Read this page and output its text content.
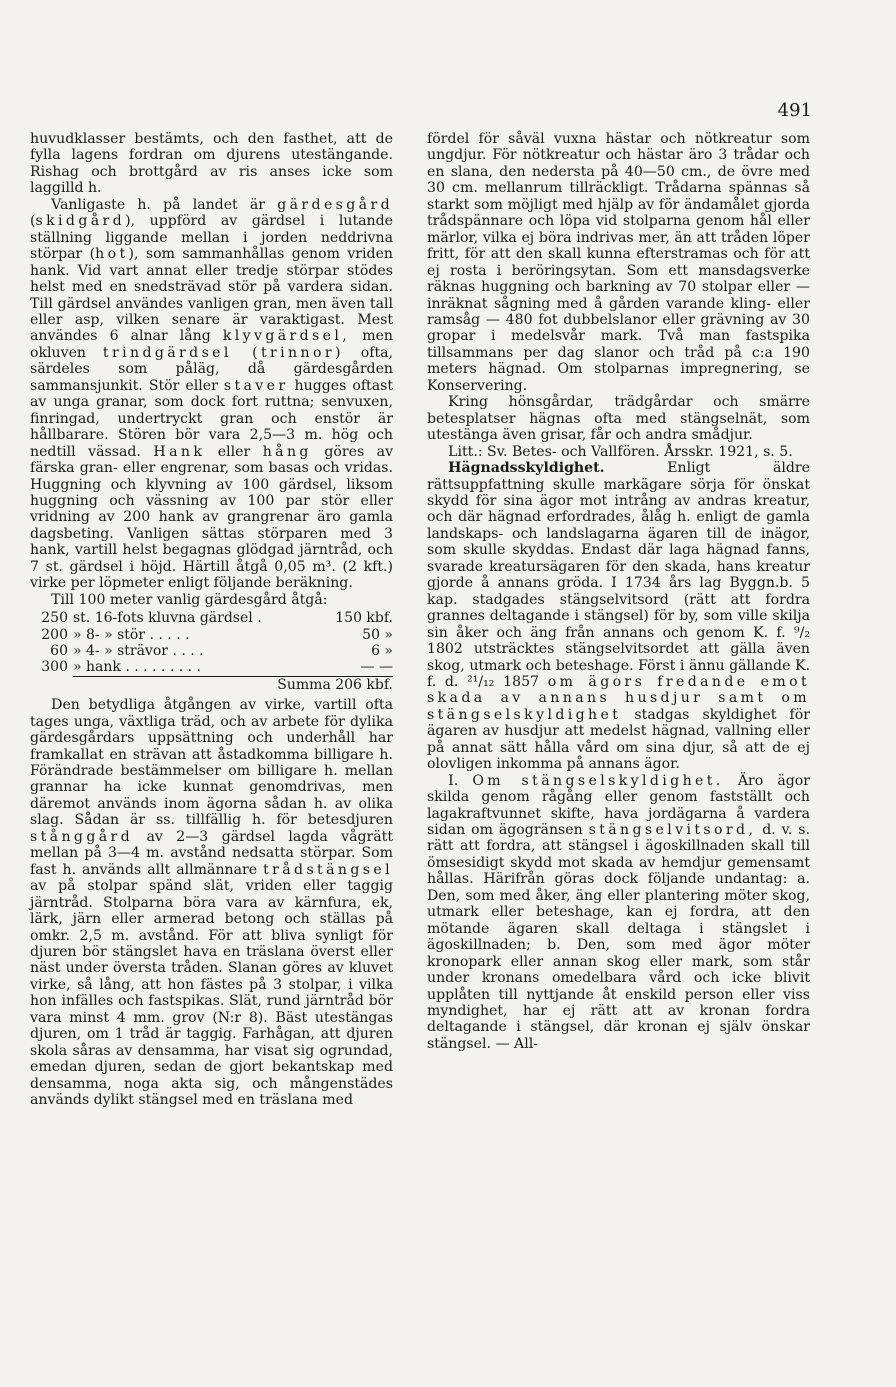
491

huvudklasser bestämts, och den fasthet, att de fylla lagens fordran om djurens utestängande. Rishag och brottgård av ris anses icke som laggilld h.

Vanligaste h. på landet är gärdesgård (skidgård), uppförd av gärdsel i lutande ställning liggande mellan i jorden neddrivna störpar (hot), som sammanhållas genom vriden hank. Vid vart annat eller tredje störpar stödes helst med en snedsträvad stör på vardera sidan. Till gärdsel användes vanligen gran, men även tall eller asp, vilken senare är varaktigast. Mest användes 6 alnar lång klyvgärdsel, men okluven trindgärdsel (trinnor) ofta, särdeles som påläg, då gärdesgården sammansjunkit. Stör eller staver hugges oftast av unga granar, som dock fort ruttna; senvuxen, finringad, undertryckt gran och enstör är hållbarare. Stören bör vara 2,5—3 m. hög och nedtill vässad. Hank eller hång göres av färska gran- eller engrenar, som basas och vridas. Huggning och klyvning av 100 gärdsel, liksom huggning och vässning av 100 par stör eller vridning av 200 hank av grangrenar äro gamla dagsbeting. Vanligen sättas störparen med 3 hank, vartill helst begagnas glödgad järntråd, och 7 st. gärdsel i höjd. Härtill åtgå 0,05 m³. (2 kft.) virke per löpmeter enligt följande beräkning.

Till 100 meter vanlig gärdesgård åtgå:

250	st. 16-fots kluvna gärdsel .	150 kbf.
200	» 8- » stör . . . . .	50 »
60	» 4- » strävor . . . .	6 »
300	» hank . . . . . . . . .	— —
	Summa 206 kbf.	

Den betydliga åtgången av virke, vartill ofta tages unga, växtliga träd, och av arbete för dylika gärdesgårdars uppsättning och underhåll har framkallat en strävan att åstadkomma billigare h. Förändrade bestämmelser om billigare h. mellan grannar ha icke kunnat genomdrivas, men däremot används inom ägorna sådan h. av olika slag. Sådan är ss. tillfällig h. för betesdjuren stånggård av 2—3 gärdsel lagda vågrätt mellan på 3—4 m. avstånd nedsatta störpar. Som fast h. används allt allmännare trådstängsel av på stolpar spänd slät, vriden eller taggig järntråd. Stolparna böra vara av kärnfura, ek, lärk, järn eller armerad betong och ställas på omkr. 2,5 m. avstånd. För att bliva synligt för djuren bör stängslet hava en träslana överst eller näst under översta tråden. Slanan göres av kluvet virke, så lång, att hon fästes på 3 stolpar, i vilka hon infälles och fastspikas. Slät, rund järntråd bör vara minst 4 mm. grov (N:r 8). Bäst utestängas djuren, om 1 tråd är taggig. Farhågan, att djuren skola såras av densamma, har visat sig ogrundad, emedan djuren, sedan de gjort bekantskap med densamma, noga akta sig, och mångenstädes används dylikt stängsel med en träslana med

fördel för såväl vuxna hästar och nötkreatur som ungdjur. För nötkreatur och hästar äro 3 trådar och en slana, den nedersta på 40—50 cm., de övre med 30 cm. mellanrum tillräckligt. Trådarna spännas så starkt som möjligt med hjälp av för ändamålet gjorda trådspännare och löpa vid stolparna genom hål eller märlor, vilka ej böra indrivas mer, än att tråden löper fritt, för att den skall kunna efterstramas och för att ej rosta i beröringsytan. Som ett mansdagsverke räknas huggning och barkning av 70 stolpar eller — inräknat sågning med å gården varande kling- eller ramsåg — 480 fot dubbelslanor eller grävning av 30 gropar i medelsvår mark. Två man fastspika tillsammans per dag slanor och tråd på c:a 190 meters hägnad. Om stolparnas impregnering, se Konservering.

Kring hönsgårdar, trädgårdar och smärre betesplatser hägnas ofta med stängselnät, som utestänga även grisar, får och andra smådjur.

Litt.: Sv. Betes- och Vallfören. Årsskr. 1921, s. 5.

Hägnadsskyldighet.	Enligt äldre rättsuppfattning skulle markägare sörja för önskat skydd för sina ägor mot intrång av andras kreatur, och där hägnad erfordrades, ålåg h. enligt de gamla landskaps- och landslagarna ägaren till de inägor, som skulle skyddas. Endast där laga hägnad fanns, svarade kreatursägaren för den skada, hans kreatur gjorde å annans gröda. I 1734 års lag Byggn.b. 5 kap. stadgades stängselvitsord (rätt att fordra grannes deltagande i stängsel) för by, som ville skilja sin åker och äng från annans och genom K. f. ⁹/₂ 1802 utsträcktes stängselvitsordet att gälla även skog, utmark och beteshage. Först i ännu gällande K. f. d. ²¹/₁₂ 1857 om ägors fredande emot skada av annans husdjur samt om stängselskyldighet stadgas skyldighet för ägaren av husdjur att medelst hägnad, vallning eller på annat sätt hålla vård om sina djur, så att de ej olovligen inkomma på annans ägor.

I. Om stängselskyldighet. Äro ägor skilda genom rågång eller genom fastställt och lagakraftvunnet skifte, hava jordägarna å vardera sidan om ägogränsen stängselvitsord, d. v. s. rätt att fordra, att stängsel i ägoskillnaden skall till ömsesidigt skydd mot skada av hemdjur gemensamt hållas. Härifrån göras dock följande undantag: a. Den, som med åker, äng eller plantering möter skog, utmark eller beteshage, kan ej fordra, att den mötande ägaren skall deltaga i stängslet i ägoskillnaden; b. Den, som med ägor möter kronopark eller annan skog eller mark, som står under kronans omedelbara vård och icke blivit upplåten till nyttjande åt enskild person eller viss myndighet, har ej rätt att av kronan fordra deltagande i stängsel, där kronan ej själv önskar stängsel. — All-
